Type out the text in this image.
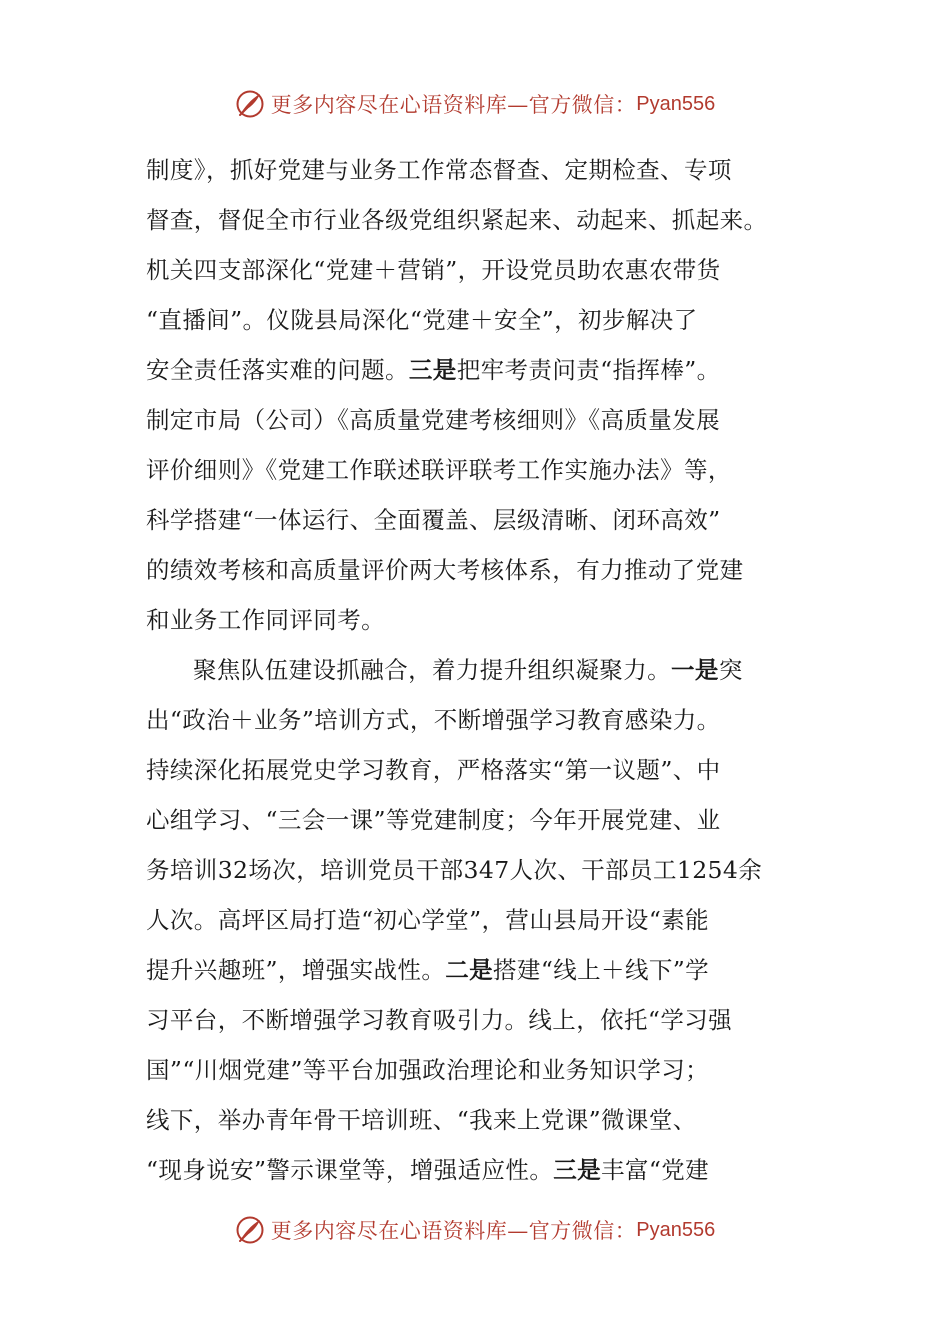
更多内容尽在心语资料库—官方微信： Pyan556
制度》，抓好党建与业务工作常态督查、定期检查、专项
督查，督促全市行业各级党组织紧起来、动起来、抓起来。
机关四支部深化“党建＋营销”，开设党员助农惠农带货
“直播间”。仪陇县局深化“党建＋安全”，初步解决了
安全责任落实难的问题。三是把牢考责问责“指挥棒”。
制定市局（公司）《高质量党建考核细则》《高质量发展
评价细则》《党建工作联述联评联考工作实施办法》等，
科学搭建“一体运行、全面覆盖、层级清晰、闭环高效”
的绩效考核和高质量评价两大考核体系，有力推动了党建
和业务工作同评同考。
聚焦队伍建设抓融合，着力提升组织凝聚力。一是突
出“政治＋业务”培训方式，不断增强学习教育感染力。
持续深化拓展党史学习教育，严格落实“第一议题”、中
心组学习、“三会一课”等党建制度；今年开展党建、业
务培训32场次，培训党员干部347人次、干部员工1254余
人次。高坪区局打造“初心学堂”，营山县局开设“素能
提升兴趣班”，增强实战性。二是搭建“线上＋线下”学
习平台，不断增强学习教育吸引力。线上，依托“学习强
国”“川烟党建”等平台加强政治理论和业务知识学习；
线下，举办青年骨干培训班、“我来上党课”微课堂、
“现身说安”警示课堂等，增强适应性。三是丰富“党建
更多内容尽在心语资料库—官方微信： Pyan556
